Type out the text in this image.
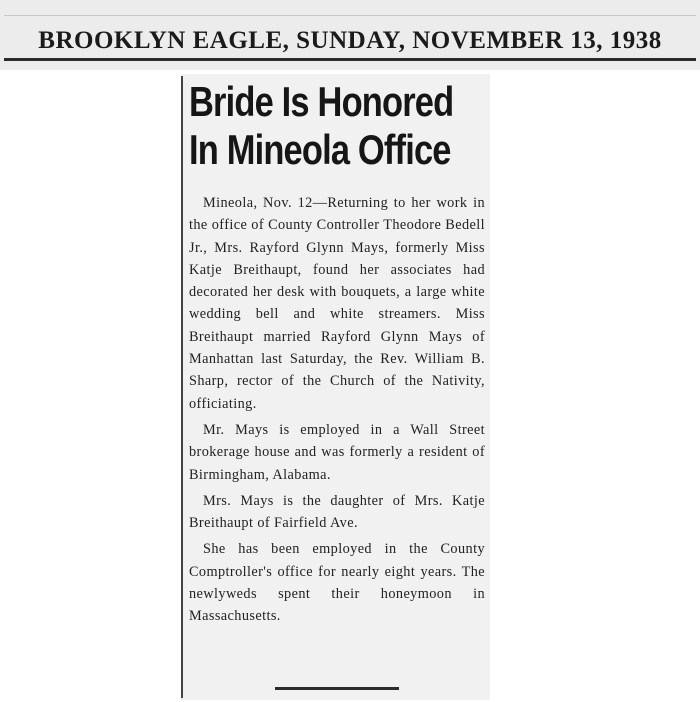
BROOKLYN EAGLE, SUNDAY, NOVEMBER 13, 1938
Bride Is Honored
In Mineola Office

Mineola, Nov. 12—Returning to her work in the office of County Controller Theodore Bedell Jr., Mrs. Rayford Glynn Mays, formerly Miss Katje Breithaupt, found her associates had decorated her desk with bouquets, a large white wedding bell and white streamers. Miss Breithaupt married Rayford Glynn Mays of Manhattan last Saturday, the Rev. William B. Sharp, rector of the Church of the Nativity, officiating.

Mr. Mays is employed in a Wall Street brokerage house and was formerly a resident of Birmingham, Alabama.

Mrs. Mays is the daughter of Mrs. Katje Breithaupt of Fairfield Ave.

She has been employed in the County Comptroller's office for nearly eight years. The newlyweds spent their honeymoon in Massachusetts.
